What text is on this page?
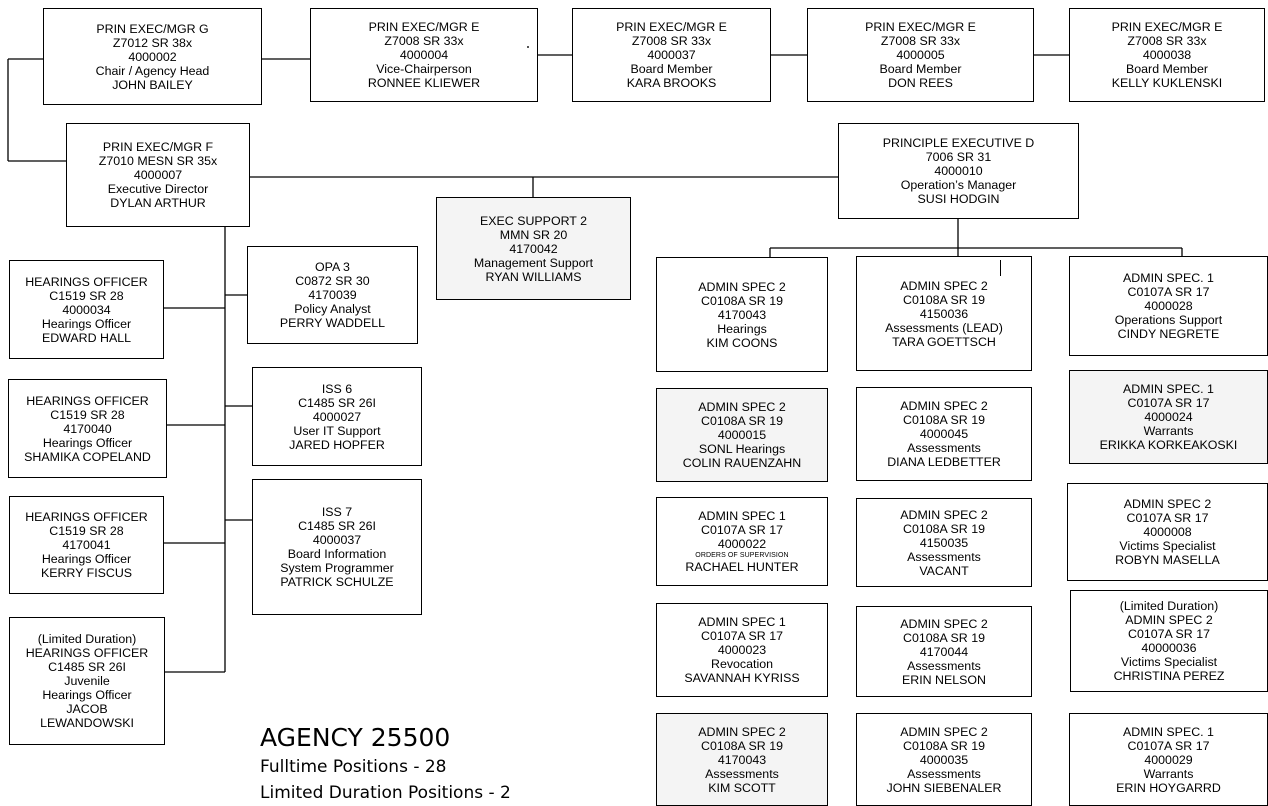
PRIN EXEC/MGR G
Z7012 SR 38x
4000002
Chair / Agency Head
JOHN BAILEY
PRIN EXEC/MGR E
Z7008 SR 33x
4000004
Vice-Chairperson
RONNEE KLIEWER
PRIN EXEC/MGR E
Z7008 SR 33x
4000037
Board Member
KARA BROOKS
PRIN EXEC/MGR E
Z7008 SR 33x
4000005
Board Member
DON REES
PRIN EXEC/MGR E
Z7008 SR 33x
4000038
Board Member
KELLY KUKLENSKI
PRIN EXEC/MGR F
Z7010 MESN SR 35x
4000007
Executive Director
DYLAN ARTHUR
PRINCIPLE EXECUTIVE D
7006 SR 31
4000010
Operation’s Manager
SUSI HODGIN
EXEC SUPPORT 2
MMN SR 20
4170042
Management Support
RYAN WILLIAMS
OPA 3
C0872 SR 30
4170039
Policy Analyst
PERRY WADDELL
ISS 6
C1485 SR 26I
4000027
User IT Support
JARED HOPFER
ISS 7
C1485 SR 26I
4000037
Board Information
System Programmer
PATRICK SCHULZE
HEARINGS OFFICER
C1519 SR 28
4000034
Hearings Officer
EDWARD HALL
HEARINGS OFFICER
C1519 SR 28
4170040
Hearings Officer
SHAMIKA COPELAND
HEARINGS OFFICER
C1519 SR 28
4170041
Hearings Officer
KERRY FISCUS
(Limited Duration)
HEARINGS OFFICER
C1485 SR 26I
Juvenile
Hearings Officer
JACOB
LEWANDOWSKI
ADMIN SPEC 2
C0108A SR 19
4170043
Hearings
KIM COONS
ADMIN SPEC 2
C0108A SR 19
4000015
SONL Hearings
COLIN RAUENZAHN
ADMIN SPEC 1
C0107A SR 17
4000022
ORDERS OF SUPERVISION
RACHAEL HUNTER
ADMIN SPEC 1
C0107A SR 17
4000023
Revocation
SAVANNAH KYRISS
ADMIN SPEC 2
C0108A SR 19
4170043
Assessments
KIM SCOTT
ADMIN SPEC 2
C0108A SR 19
4150036
Assessments (LEAD)
TARA GOETTSCH
ADMIN SPEC 2
C0108A SR 19
4000045
Assessments
DIANA LEDBETTER
ADMIN SPEC 2
C0108A SR 19
4150035
Assessments
VACANT
ADMIN SPEC 2
C0108A SR 19
4170044
Assessments
ERIN NELSON
ADMIN SPEC 2
C0108A SR 19
4000035
Assessments
JOHN SIEBENALER
ADMIN SPEC. 1
C0107A SR 17
4000028
Operations Support
CINDY NEGRETE
ADMIN SPEC. 1
C0107A SR 17
4000024
Warrants
ERIKKA KORKEAKOSKI
ADMIN SPEC 2
C0107A SR 17
4000008
Victims Specialist
ROBYN MASELLA
(Limited Duration)
ADMIN SPEC 2
C0107A SR 17
40000036
Victims Specialist
CHRISTINA PEREZ
ADMIN SPEC. 1
C0107A SR 17
4000029
Warrants
ERIN HOYGARRD
AGENCY 25500
Fulltime Positions - 28
Limited Duration Positions - 2
